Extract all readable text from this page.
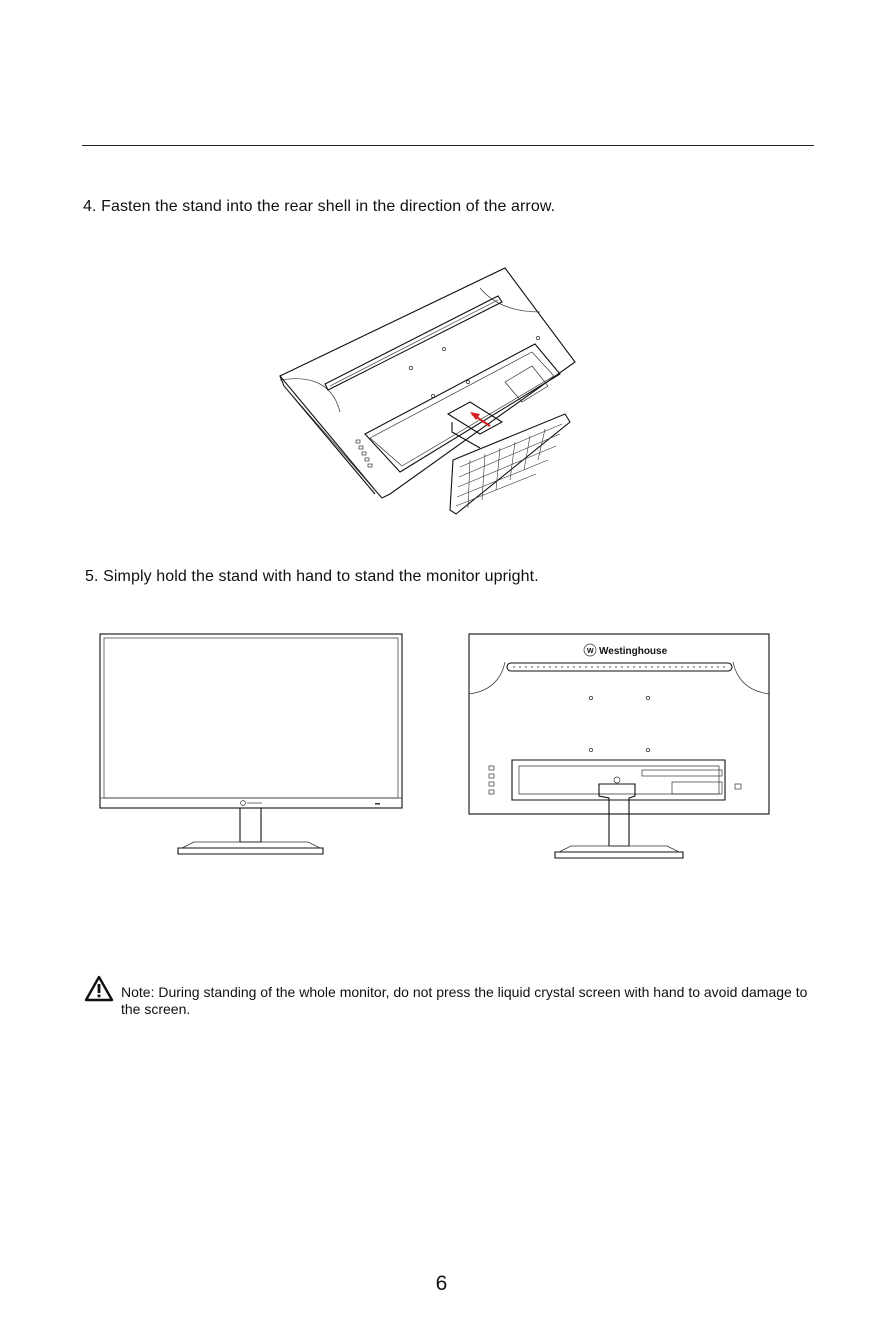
4. Fasten the stand into the rear shell in the direction of the arrow.
5. Simply hold the stand with hand to stand the monitor upright.
W Westinghouse
Note: During standing of the whole monitor, do not press the liquid crystal screen with hand to avoid damage to the screen.
6
